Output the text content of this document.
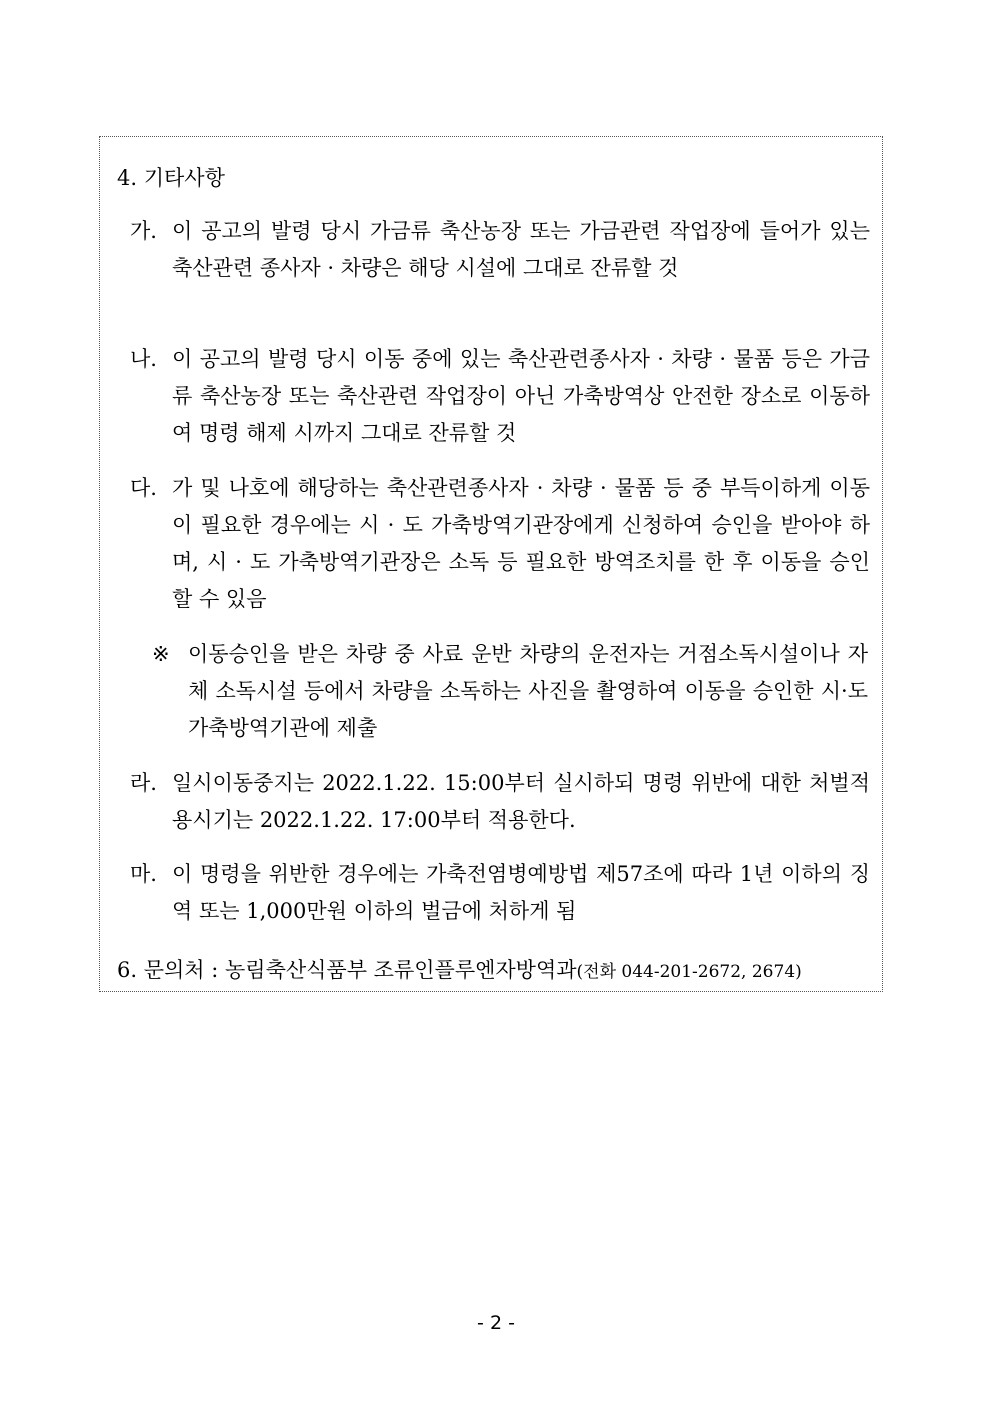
4. 기타사항
가. 이 공고의 발령 당시 가금류 축산농장 또는 가금관련 작업장에 들어가 있는 축산관련 종사자 · 차량은 해당 시설에 그대로 잔류할 것
나. 이 공고의 발령 당시 이동 중에 있는 축산관련종사자 · 차량 · 물품 등은 가금류 축산농장 또는 축산관련 작업장이 아닌 가축방역상 안전한 장소로 이동하여 명령 해제 시까지 그대로 잔류할 것
다. 가 및 나호에 해당하는 축산관련종사자 · 차량 · 물품 등 중 부득이하게 이동이 필요한 경우에는 시 · 도 가축방역기관장에게 신청하여 승인을 받아야 하며, 시 · 도 가축방역기관장은 소독 등 필요한 방역조치를 한 후 이동을 승인할 수 있음
※ 이동승인을 받은 차량 중 사료 운반 차량의 운전자는 거점소독시설이나 자체 소독시설 등에서 차량을 소독하는 사진을 촬영하여 이동을 승인한 시·도 가축방역기관에 제출
라. 일시이동중지는 2022.1.22. 15:00부터 실시하되 명령 위반에 대한 처벌적용시기는 2022.1.22. 17:00부터 적용한다.
마. 이 명령을 위반한 경우에는 가축전염병예방법 제57조에 따라 1년 이하의 징역 또는 1,000만원 이하의 벌금에 처하게 됨
6. 문의처 : 농림축산식품부 조류인플루엔자방역과(전화 044-201-2672, 2674)
- 2 -
